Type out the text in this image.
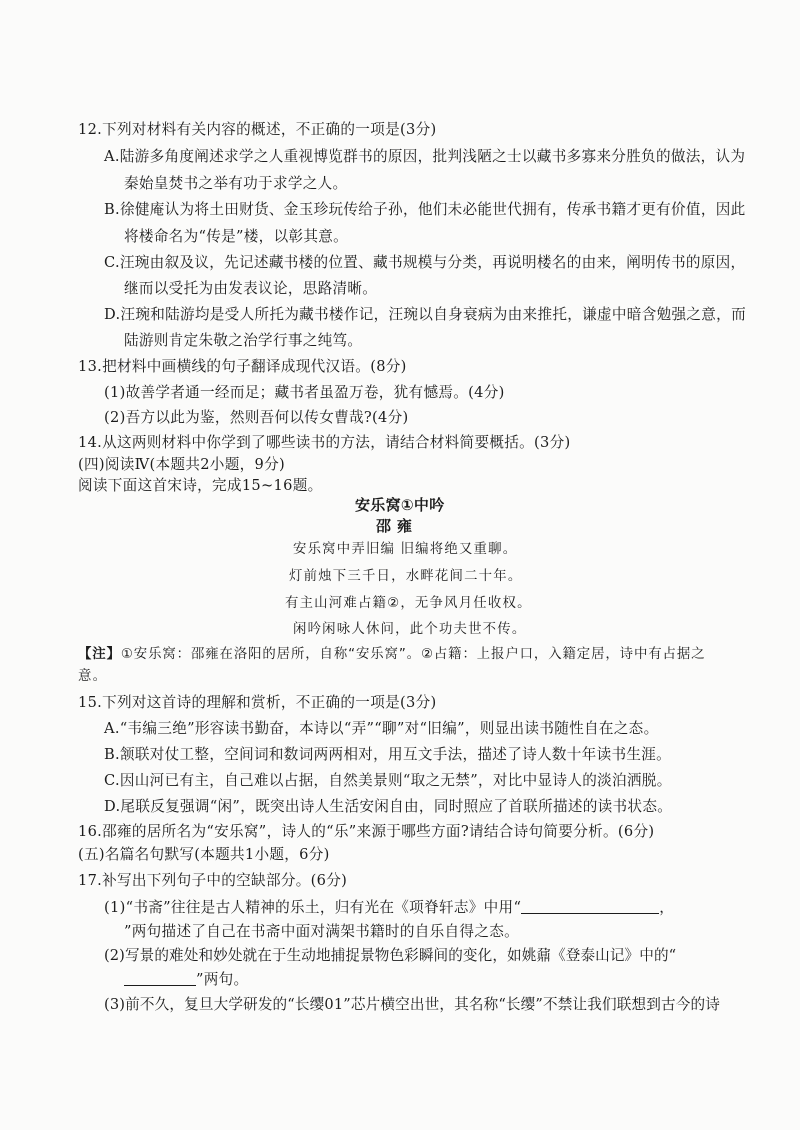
12.下列对材料有关内容的概述，不正确的一项是(3分)
A.陆游多角度阐述求学之人重视博览群书的原因，批判浅陋之士以藏书多寡来分胜负的做法，认为
秦始皇焚书之举有功于求学之人。
B.徐健庵认为将土田财货、金玉珍玩传给子孙，他们未必能世代拥有，传承书籍才更有价值，因此
将楼命名为“传是”楼，以彰其意。
C.汪琬由叙及议，先记述藏书楼的位置、藏书规模与分类，再说明楼名的由来，阐明传书的原因，
继而以受托为由发表议论，思路清晰。
D.汪琬和陆游均是受人所托为藏书楼作记，汪琬以自身衰病为由来推托，谦虚中暗含勉强之意，而
陆游则肯定朱敬之治学行事之纯笃。
13.把材料中画横线的句子翻译成现代汉语。(8分)
(1)故善学者通一经而足；藏书者虽盈万卷，犹有憾焉。(4分)
(2)吾方以此为鉴，然则吾何以传女曹哉?(4分)
14.从这两则材料中你学到了哪些读书的方法，请结合材料简要概括。(3分)
(四)阅读Ⅳ(本题共2小题，9分)
阅读下面这首宋诗，完成15~16题。
安乐窝①中吟
邵 雍
安乐窝中弄旧编 旧编将绝又重聊。
灯前烛下三千日，水畔花间二十年。
有主山河难占籍②，无争风月任收权。
闲吟闲咏人休问，此个功夫世不传。
【注】①安乐窝：邵雍在洛阳的居所，自称“安乐窝”。②占籍：上报户口，入籍定居，诗中有占据之
意。
15.下列对这首诗的理解和赏析，不正确的一项是(3分)
A.“韦编三绝”形容读书勤奋，本诗以“弄”“聊”对“旧编”，则显出读书随性自在之态。
B.颔联对仗工整，空间词和数词两两相对，用互文手法，描述了诗人数十年读书生涯。
C.因山河已有主，自己难以占据，自然美景则“取之无禁”，对比中显诗人的淡泊洒脱。
D.尾联反复强调“闲”，既突出诗人生活安闲自由，同时照应了首联所描述的读书状态。
16.邵雍的居所名为“安乐窝”，诗人的“乐”来源于哪些方面?请结合诗句简要分析。(6分)
(五)名篇名句默写(本题共1小题，6分)
17.补写出下列句子中的空缺部分。(6分)
(1)“书斋”往往是古人精神的乐土，归有光在《项脊轩志》中用“	，
”两句描述了自己在书斋中面对满架书籍时的自乐自得之态。
(2)写景的难处和妙处就在于生动地捕捉景物色彩瞬间的变化，如姚鼐《登泰山记》中的“
”两句。
(3)前不久，复旦大学研发的“长缨01”芯片横空出世，其名称“长缨”不禁让我们联想到古今的诗
